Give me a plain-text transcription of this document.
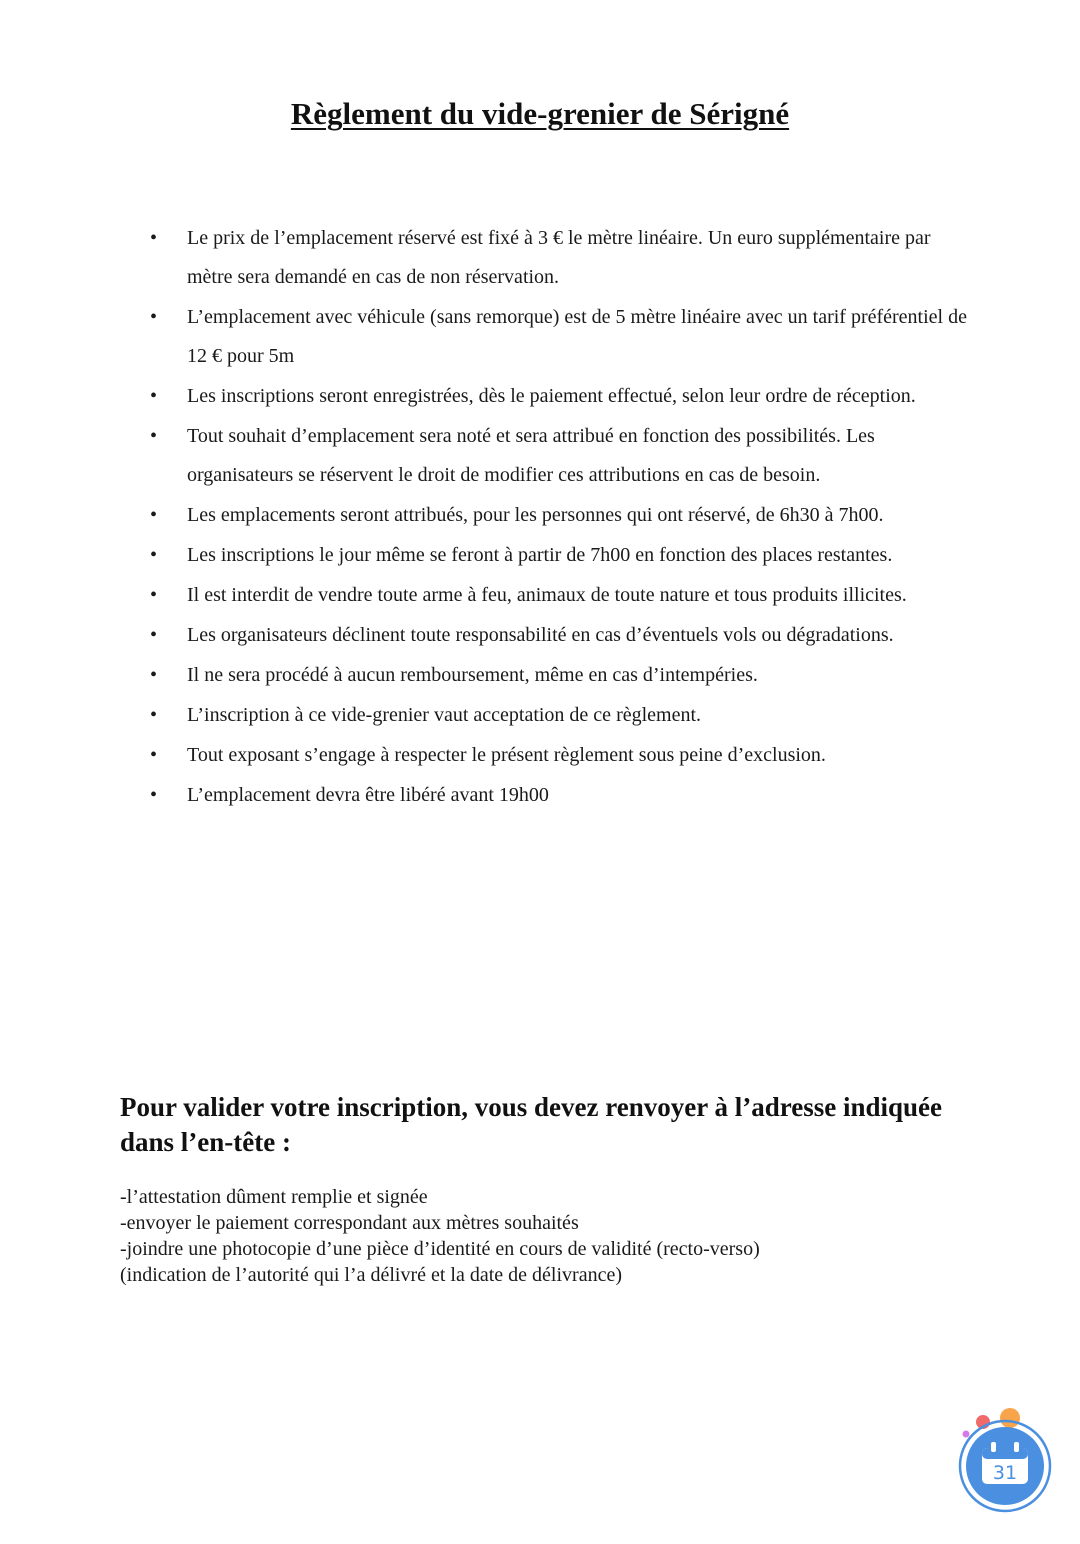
Règlement du vide-grenier de Sérigné
• Le prix de l’emplacement réservé est fixé à 3 € le mètre linéaire. Un euro supplémentaire par mètre sera demandé en cas de non réservation.
• L’emplacement avec véhicule (sans remorque) est de 5 mètre linéaire avec un tarif préférentiel de 12 € pour 5m
• Les inscriptions seront enregistrées, dès le paiement effectué, selon leur ordre de réception.
• Tout souhait d’emplacement sera noté et sera attribué en fonction des possibilités. Les organisateurs se réservent le droit de modifier ces attributions en cas de besoin.
• Les emplacements seront attribués, pour les personnes qui ont réservé, de 6h30 à 7h00.
• Les inscriptions le jour même se feront à partir de 7h00 en fonction des places restantes.
• Il est interdit de vendre toute arme à feu, animaux de toute nature et tous produits illicites.
• Les organisateurs déclinent toute responsabilité en cas d’éventuels vols ou dégradations.
• Il ne sera procédé à aucun remboursement, même en cas d’intempéries.
• L’inscription à ce vide-grenier vaut acceptation de ce règlement.
• Tout exposant s’engage à respecter le présent règlement sous peine d’exclusion.
• L’emplacement devra être libéré avant 19h00
Pour valider votre inscription, vous devez renvoyer à l’adresse indiquée dans l’en-tête :
-l’attestation dûment remplie et signée
-envoyer le paiement correspondant aux mètres souhaités
-joindre une photocopie d’une pièce d’identité en cours de validité (recto-verso)
(indication de l’autorité qui l’a délivré et la date de délivrance)
31
